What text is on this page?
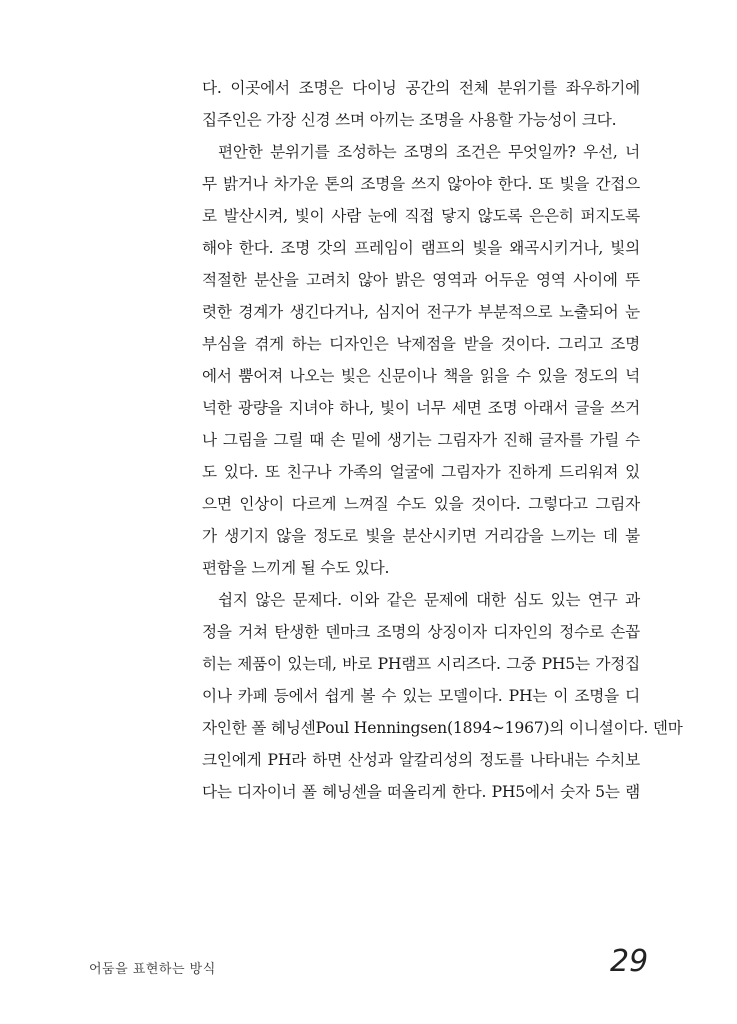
다. 이곳에서 조명은 다이닝 공간의 전체 분위기를 좌우하기에
집주인은 가장 신경 쓰며 아끼는 조명을 사용할 가능성이 크다.
편안한 분위기를 조성하는 조명의 조건은 무엇일까? 우선, 너
무 밝거나 차가운 톤의 조명을 쓰지 않아야 한다. 또 빛을 간접으
로 발산시켜, 빛이 사람 눈에 직접 닿지 않도록 은은히 퍼지도록
해야 한다. 조명 갓의 프레임이 램프의 빛을 왜곡시키거나, 빛의
적절한 분산을 고려치 않아 밝은 영역과 어두운 영역 사이에 뚜
렷한 경계가 생긴다거나, 심지어 전구가 부분적으로 노출되어 눈
부심을 겪게 하는 디자인은 낙제점을 받을 것이다. 그리고 조명
에서 뿜어져 나오는 빛은 신문이나 책을 읽을 수 있을 정도의 넉
넉한 광량을 지녀야 하나, 빛이 너무 세면 조명 아래서 글을 쓰거
나 그림을 그릴 때 손 밑에 생기는 그림자가 진해 글자를 가릴 수
도 있다. 또 친구나 가족의 얼굴에 그림자가 진하게 드리워져 있
으면 인상이 다르게 느껴질 수도 있을 것이다. 그렇다고 그림자
가 생기지 않을 정도로 빛을 분산시키면 거리감을 느끼는 데 불
편함을 느끼게 될 수도 있다.
쉽지 않은 문제다. 이와 같은 문제에 대한 심도 있는 연구 과
정을 거쳐 탄생한 덴마크 조명의 상징이자 디자인의 정수로 손꼽
히는 제품이 있는데, 바로 PH램프 시리즈다. 그중 PH5는 가정집
이나 카페 등에서 쉽게 볼 수 있는 모델이다. PH는 이 조명을 디
자인한 폴 헤닝센Poul Henningsen(1894~1967)의 이니셜이다. 덴마
크인에게 PH라 하면 산성과 알칼리성의 정도를 나타내는 수치보
다는 디자이너 폴 헤닝센을 떠올리게 한다. PH5에서 숫자 5는 램
어둠을 표현하는 방식	29
